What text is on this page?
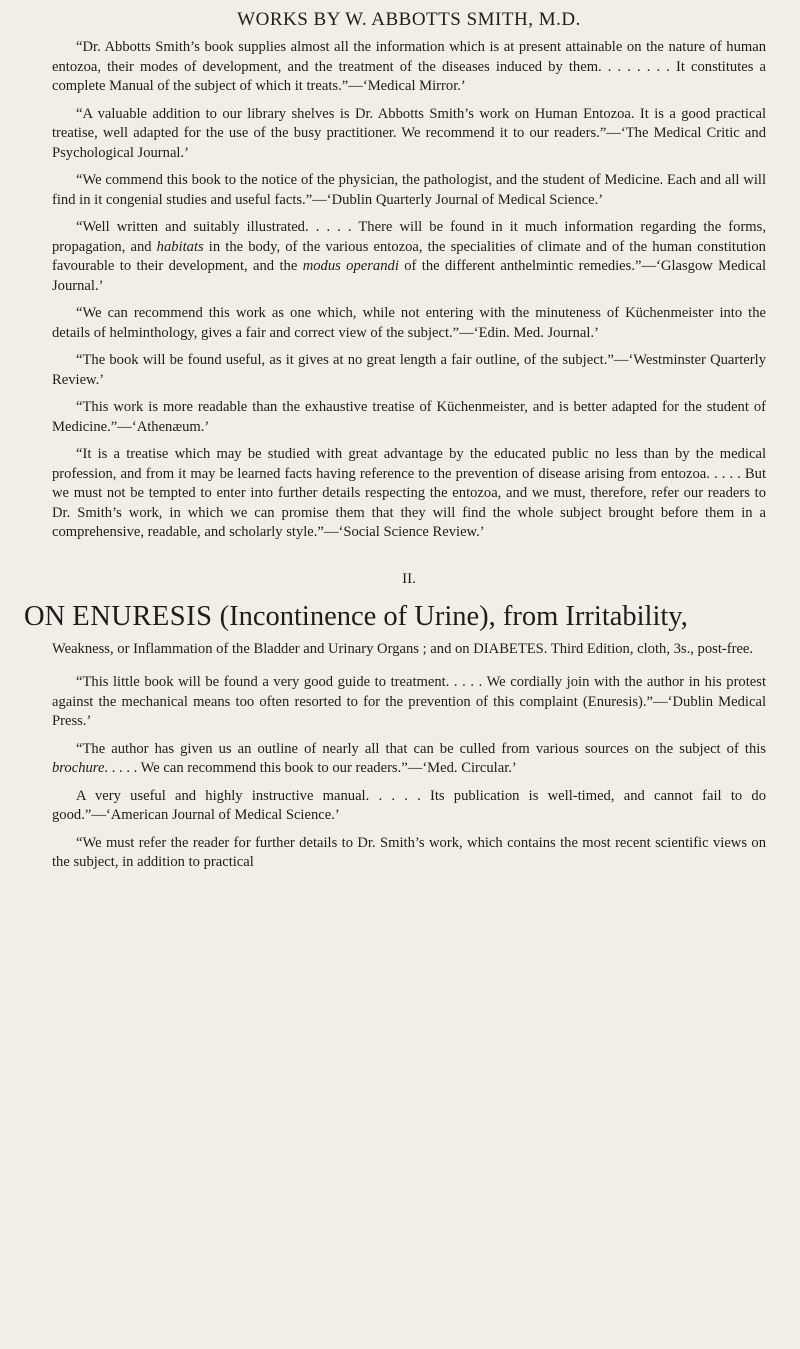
WORKS BY W. ABBOTTS SMITH, M.D.

“Dr. Abbotts Smith’s book supplies almost all the information which is at present attainable on the nature of human entozoa, their modes of development, and the treatment of the diseases induced by them. . . . . . . . It constitutes a complete Manual of the subject of which it treats.”—‘Medical Mirror.’

“A valuable addition to our library shelves is Dr. Abbotts Smith’s work on Human Entozoa. It is a good practical treatise, well adapted for the use of the busy practitioner. We recommend it to our readers.”—‘The Medical Critic and Psychological Journal.’

“We commend this book to the notice of the physician, the pathologist, and the student of Medicine. Each and all will find in it congenial studies and useful facts.”—‘Dublin Quarterly Journal of Medical Science.’

“Well written and suitably illustrated. . . . . There will be found in it much information regarding the forms, propagation, and habitats in the body, of the various entozoa, the specialities of climate and of the human constitution favourable to their development, and the modus operandi of the different anthelmintic remedies.”—‘Glasgow Medical Journal.’

“We can recommend this work as one which, while not entering with the minuteness of Küchenmeister into the details of helminthology, gives a fair and correct view of the subject.”—‘Edin. Med. Journal.’

“The book will be found useful, as it gives at no great length a fair outline, of the subject.”—‘Westminster Quarterly Review.’

“This work is more readable than the exhaustive treatise of Küchenmeister, and is better adapted for the student of Medicine.”—‘Athenæum.’

“It is a treatise which may be studied with great advantage by the educated public no less than by the medical profession, and from it may be learned facts having reference to the prevention of disease arising from entozoa. . . . . But we must not be tempted to enter into further details respecting the entozoa, and we must, therefore, refer our readers to Dr. Smith’s work, in which we can promise them that they will find the whole subject brought before them in a comprehensive, readable, and scholarly style.”—‘Social Science Review.’

II.
ON ENURESIS (Incontinence of Urine), from Irritability,
Weakness, or Inflammation of the Bladder and Urinary Organs ; and on DIABETES. Third Edition, cloth, 3s., post-free.

“This little book will be found a very good guide to treatment. . . . . We cordially join with the author in his protest against the mechanical means too often resorted to for the prevention of this complaint (Enuresis).”—‘Dublin Medical Press.’

“The author has given us an outline of nearly all that can be culled from various sources on the subject of this brochure. . . . . We can recommend this book to our readers.”—‘Med. Circular.’

A very useful and highly instructive manual. . . . . Its publication is well-timed, and cannot fail to do good.”—‘American Journal of Medical Science.’

“We must refer the reader for further details to Dr. Smith’s work, which contains the most recent scientific views on the subject, in addition to practical
